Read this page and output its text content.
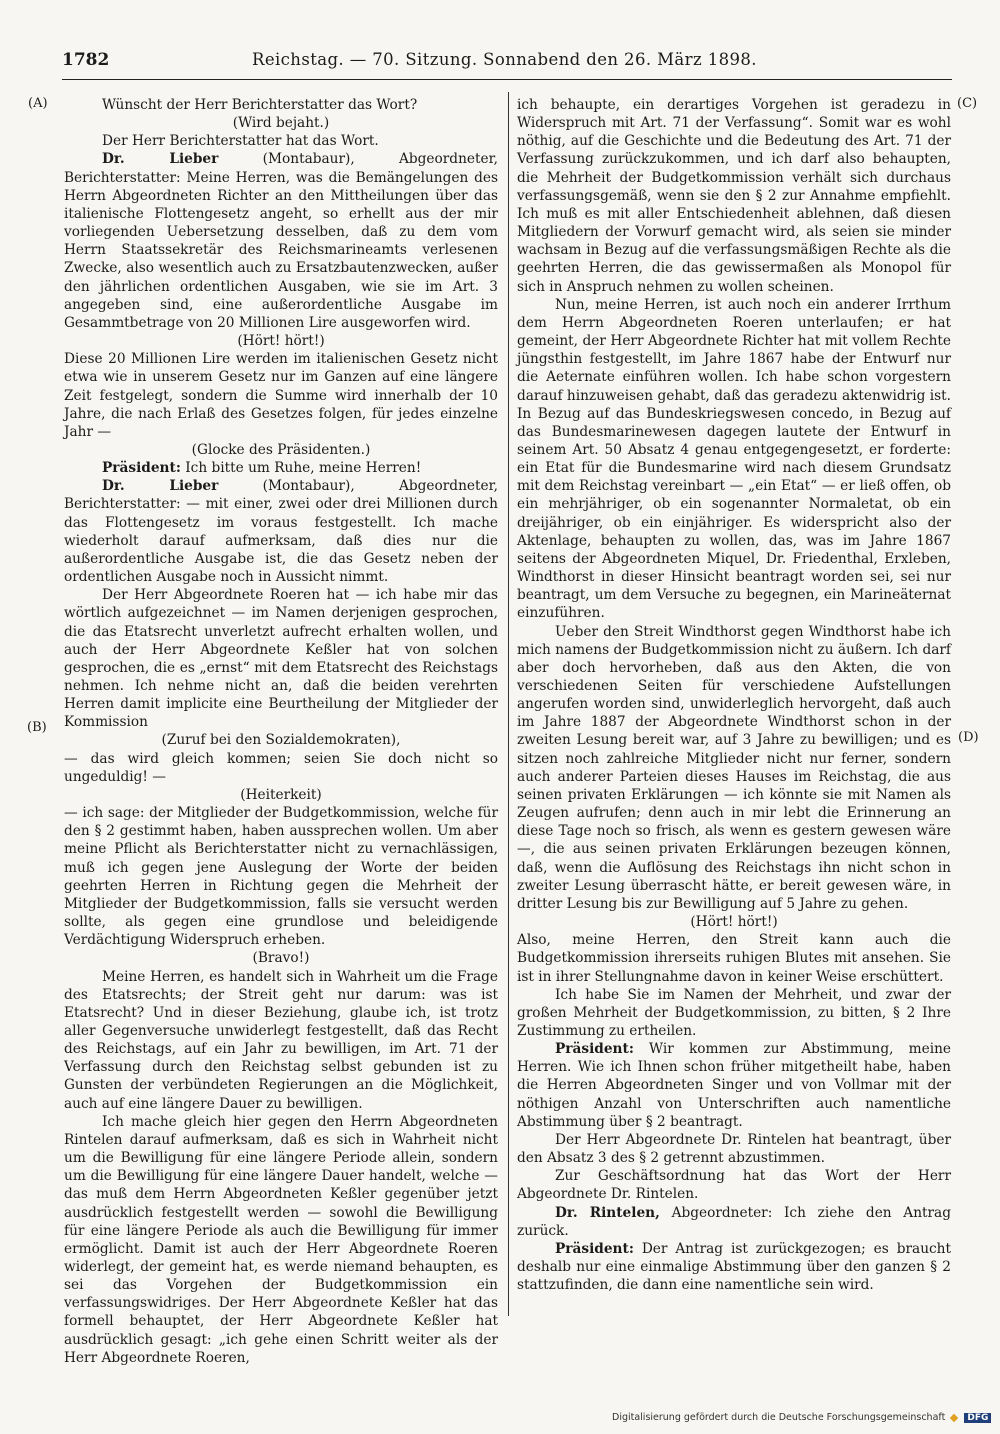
1782	Reichstag. — 70. Sitzung. Sonnabend den 26. März 1898.
(A)
(B)
(C)
(D)

Wünscht der Herr Berichterstatter das Wort?

(Wird bejaht.)

Der Herr Berichterstatter hat das Wort.

Dr. Lieber (Montabaur), Abgeordneter, Berichterstatter: Meine Herren, was die Bemängelungen des Herrn Abgeordneten Richter an den Mittheilungen über das italienische Flottengesetz angeht, so erhellt aus der mir vorliegenden Uebersetzung desselben, daß zu dem vom Herrn Staatssekretär des Reichsmarineamts verlesenen Zwecke, also wesentlich auch zu Ersatzbautenzwecken, außer den jährlichen ordentlichen Ausgaben, wie sie im Art. 3 angegeben sind, eine außerordentliche Ausgabe im Gesammtbetrage von 20 Millionen Lire ausgeworfen wird.

(Hört! hört!)

Diese 20 Millionen Lire werden im italienischen Gesetz nicht etwa wie in unserem Gesetz nur im Ganzen auf eine längere Zeit festgelegt, sondern die Summe wird innerhalb der 10 Jahre, die nach Erlaß des Gesetzes folgen, für jedes einzelne Jahr —

(Glocke des Präsidenten.)

Präsident: Ich bitte um Ruhe, meine Herren!

Dr. Lieber (Montabaur), Abgeordneter, Berichterstatter: — mit einer, zwei oder drei Millionen durch das Flottengesetz im voraus festgestellt. Ich mache wiederholt darauf aufmerksam, daß dies nur die außerordentliche Ausgabe ist, die das Gesetz neben der ordentlichen Ausgabe noch in Aussicht nimmt.

Der Herr Abgeordnete Roeren hat — ich habe mir das wörtlich aufgezeichnet — im Namen derjenigen gesprochen, die das Etatsrecht unverletzt aufrecht erhalten wollen, und auch der Herr Abgeordnete Keßler hat von solchen gesprochen, die es „ernst“ mit dem Etatsrecht des Reichstags nehmen. Ich nehme nicht an, daß die beiden verehrten Herren damit implicite eine Beurtheilung der Mitglieder der Kommission

(Zuruf bei den Sozialdemokraten),

— das wird gleich kommen; seien Sie doch nicht so ungeduldig! —

(Heiterkeit)

— ich sage: der Mitglieder der Budgetkommission, welche für den § 2 gestimmt haben, haben aussprechen wollen. Um aber meine Pflicht als Berichterstatter nicht zu vernachlässigen, muß ich gegen jene Auslegung der Worte der beiden geehrten Herren in Richtung gegen die Mehrheit der Mitglieder der Budgetkommission, falls sie versucht werden sollte, als gegen eine grundlose und beleidigende Verdächtigung Widerspruch erheben.

(Bravo!)

Meine Herren, es handelt sich in Wahrheit um die Frage des Etatsrechts; der Streit geht nur darum: was ist Etatsrecht? Und in dieser Beziehung, glaube ich, ist trotz aller Gegenversuche unwiderlegt festgestellt, daß das Recht des Reichstags, auf ein Jahr zu bewilligen, im Art. 71 der Verfassung durch den Reichstag selbst gebunden ist zu Gunsten der verbündeten Regierungen an die Möglichkeit, auch auf eine längere Dauer zu bewilligen.

Ich mache gleich hier gegen den Herrn Abgeordneten Rintelen darauf aufmerksam, daß es sich in Wahrheit nicht um die Bewilligung für eine längere Periode allein, sondern um die Bewilligung für eine längere Dauer handelt, welche — das muß dem Herrn Abgeordneten Keßler gegenüber jetzt ausdrücklich festgestellt werden — sowohl die Bewilligung für eine längere Periode als auch die Bewilligung für immer ermöglicht. Damit ist auch der Herr Abgeordnete Roeren widerlegt, der gemeint hat, es werde niemand behaupten, es sei das Vorgehen der Budgetkommission ein verfassungswidriges. Der Herr Abgeordnete Keßler hat das formell behauptet, der Herr Abgeordnete Keßler hat ausdrücklich gesagt: „ich gehe einen Schritt weiter als der Herr Abgeordnete Roeren,

ich behaupte, ein derartiges Vorgehen ist geradezu in Widerspruch mit Art. 71 der Verfassung“. Somit war es wohl nöthig, auf die Geschichte und die Bedeutung des Art. 71 der Verfassung zurückzukommen, und ich darf also behaupten, die Mehrheit der Budgetkommission verhält sich durchaus verfassungsgemäß, wenn sie den § 2 zur Annahme empfiehlt. Ich muß es mit aller Entschiedenheit ablehnen, daß diesen Mitgliedern der Vorwurf gemacht wird, als seien sie minder wachsam in Bezug auf die verfassungsmäßigen Rechte als die geehrten Herren, die das gewissermaßen als Monopol für sich in Anspruch nehmen zu wollen scheinen.

Nun, meine Herren, ist auch noch ein anderer Irrthum dem Herrn Abgeordneten Roeren unterlaufen; er hat gemeint, der Herr Abgeordnete Richter hat mit vollem Rechte jüngsthin festgestellt, im Jahre 1867 habe der Entwurf nur die Aeternate einführen wollen. Ich habe schon vorgestern darauf hinzuweisen gehabt, daß das geradezu aktenwidrig ist. In Bezug auf das Bundeskriegswesen concedo, in Bezug auf das Bundesmarinewesen dagegen lautete der Entwurf in seinem Art. 50 Absatz 4 genau entgegengesetzt, er forderte: ein Etat für die Bundesmarine wird nach diesem Grundsatz mit dem Reichstag vereinbart — „ein Etat“ — er ließ offen, ob ein mehrjähriger, ob ein sogenannter Normaletat, ob ein dreijähriger, ob ein einjähriger. Es widerspricht also der Aktenlage, behaupten zu wollen, das, was im Jahre 1867 seitens der Abgeordneten Miquel, Dr. Friedenthal, Erxleben, Windthorst in dieser Hinsicht beantragt worden sei, sei nur beantragt, um dem Versuche zu begegnen, ein Marineäternat einzuführen.

Ueber den Streit Windthorst gegen Windthorst habe ich mich namens der Budgetkommission nicht zu äußern. Ich darf aber doch hervorheben, daß aus den Akten, die von verschiedenen Seiten für verschiedene Aufstellungen angerufen worden sind, unwiderleglich hervorgeht, daß auch im Jahre 1887 der Abgeordnete Windthorst schon in der zweiten Lesung bereit war, auf 3 Jahre zu bewilligen; und es sitzen noch zahlreiche Mitglieder nicht nur ferner, sondern auch anderer Parteien dieses Hauses im Reichstag, die aus seinen privaten Erklärungen — ich könnte sie mit Namen als Zeugen aufrufen; denn auch in mir lebt die Erinnerung an diese Tage noch so frisch, als wenn es gestern gewesen wäre —, die aus seinen privaten Erklärungen bezeugen können, daß, wenn die Auflösung des Reichstags ihn nicht schon in zweiter Lesung überrascht hätte, er bereit gewesen wäre, in dritter Lesung bis zur Bewilligung auf 5 Jahre zu gehen.

(Hört! hört!)

Also, meine Herren, den Streit kann auch die Budgetkommission ihrerseits ruhigen Blutes mit ansehen. Sie ist in ihrer Stellungnahme davon in keiner Weise erschüttert.

Ich habe Sie im Namen der Mehrheit, und zwar der großen Mehrheit der Budgetkommission, zu bitten, § 2 Ihre Zustimmung zu ertheilen.

Präsident: Wir kommen zur Abstimmung, meine Herren. Wie ich Ihnen schon früher mitgetheilt habe, haben die Herren Abgeordneten Singer und von Vollmar mit der nöthigen Anzahl von Unterschriften auch namentliche Abstimmung über § 2 beantragt.

Der Herr Abgeordnete Dr. Rintelen hat beantragt, über den Absatz 3 des § 2 getrennt abzustimmen.

Zur Geschäftsordnung hat das Wort der Herr Abgeordnete Dr. Rintelen.

Dr. Rintelen, Abgeordneter: Ich ziehe den Antrag zurück.

Präsident: Der Antrag ist zurückgezogen; es braucht deshalb nur eine einmalige Abstimmung über den ganzen § 2 stattzufinden, die dann eine namentliche sein wird.

Digitalisierung gefördert durch die Deutsche Forschungsgemeinschaft DFG
